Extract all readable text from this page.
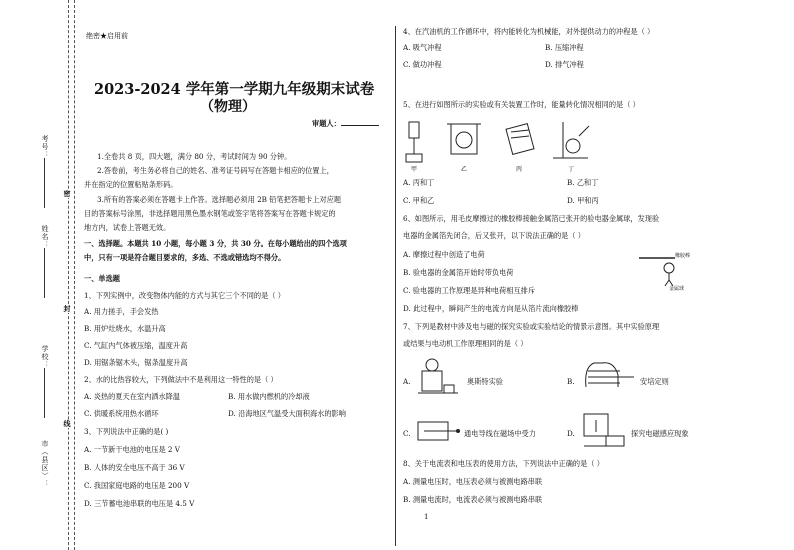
考号：
姓名：
学校：
市（县区）：
密
封
线
绝密★启用前
2023-2024 学年第一学期九年级期末试卷
（物理）
审题人：
1.全卷共 8 页，四大题，满分 80 分，考试时间为 90 分钟。
2.答卷前，考生务必将自己的姓名、准考证号码写在答题卡相应的位置上，
并在指定的位置粘贴条形码。
3.所有的答案必须在答题卡上作答。选择题必须用 2B 铅笔把答题卡上对应题
目的答案标号涂黑，非选择题用黑色墨水钢笔或签字笔将答案写在答题卡规定的
地方内，试卷上答题无效。
一、选择题。本题共 10 小题，每小题 3 分，共 30 分。在每小题给出的四个选项
中，只有一项是符合题目要求的，多选、不选或错选均不得分。
一、单选题
1、下列实例中，改变物体内能的方式与其它三个不同的是（ ）
A. 用力搓手，手会发热
B. 用炉灶烧水，水温升高
C. 气缸内气体被压缩，温度升高
D. 用锯条锯木头，锯条温度升高
2、水的比热容较大，下列做法中不是利用这一特性的是（ ）
A. 炎热的夏天在室内洒水降温	B. 用水做内燃机的冷却液
C. 供暖系统用热水循环	D. 沿海地区气温受大面积海水的影响
3、下列说法中正确的是( )
A. 一节新干电池的电压是 2 V
B. 人体的安全电压不高于 36 V
C. 我国家庭电路的电压是 200 V
D. 三节蓄电池串联的电压是 4.5 V
4、在汽油机的工作循环中，将内能转化为机械能，对外提供动力的冲程是（ ）
A. 吸气冲程	B. 压缩冲程
C. 做功冲程	D. 排气冲程
5、在进行如图所示的实验或有关装置工作时，能量转化情况相同的是（ ）
甲	乙	丙	丁
A. 丙和丁	B. 乙和丁
C. 甲和乙	D. 甲和丙
6、如图所示，用毛皮摩擦过的橡胶棒接触金属箔已张开的验电器金属球，发现验
电器的金属箔先闭合，后又张开，以下说法正确的是（ ）
A. 摩擦过程中创造了电荷
B. 验电器的金属箔开始时带负电荷
C. 验电器的工作原理是异种电荷相互排斥
D. 此过程中，瞬间产生的电流方向是从箔片流向橡胶棒
橡胶棒
金属球
7、下列是教材中涉及电与磁的探究实验或实验结论的情景示意图。其中实验原理
或结果与电动机工作原理相同的是（ ）
A.	奥斯特实验	B.	安培定则
C.	通电导线在磁场中受力	D.	探究电磁感应现象
8、关于电流表和电压表的使用方法，下列说法中正确的是（ ）
A. 测量电压时，电压表必须与被测电路串联
B. 测量电流时，电流表必须与被测电路串联
1
